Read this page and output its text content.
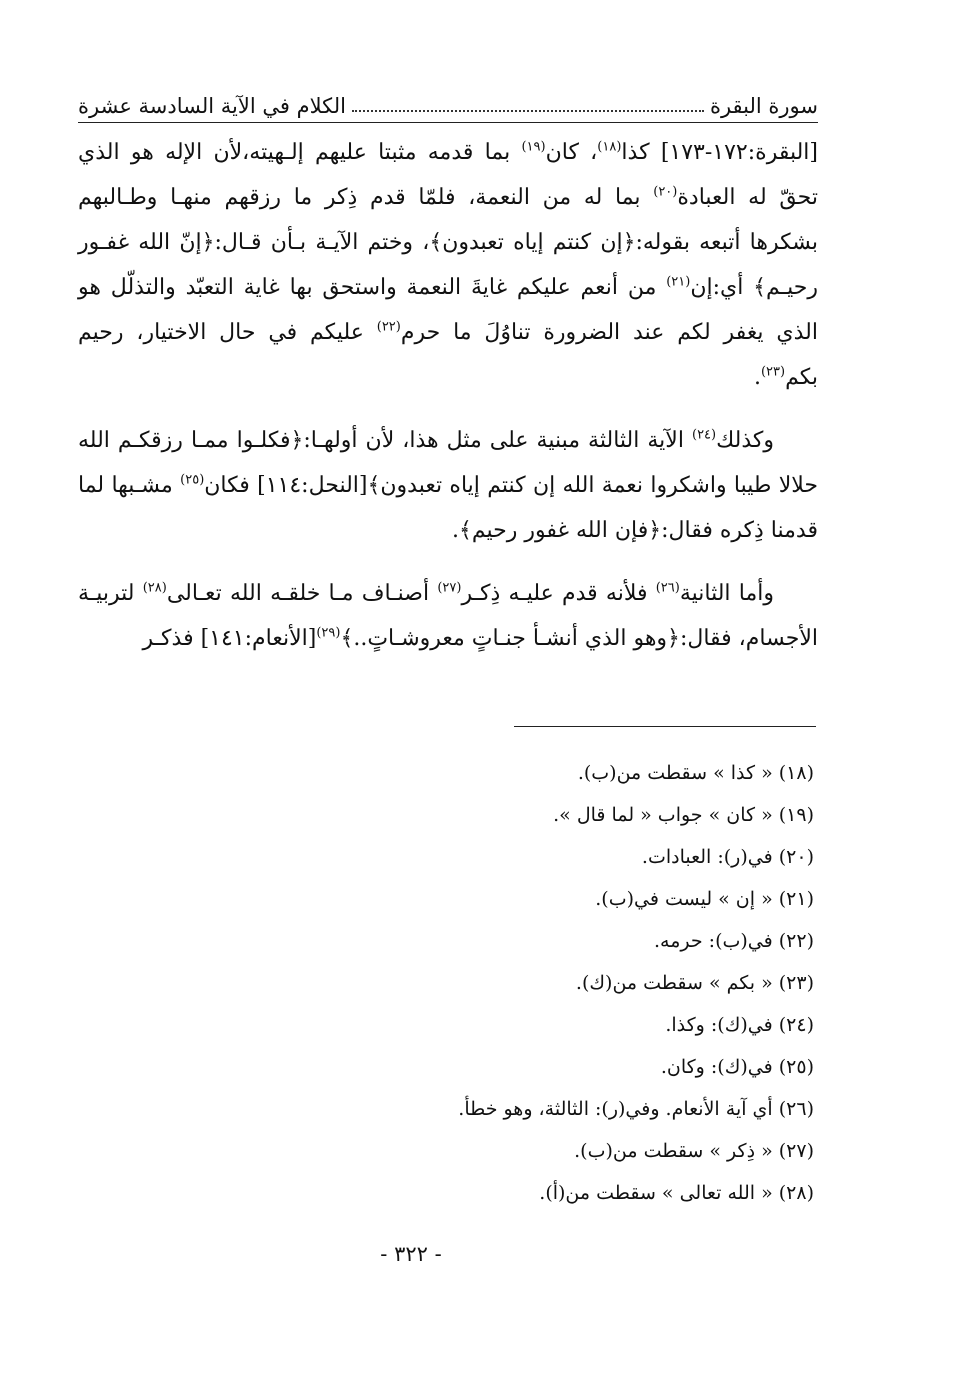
سورة البقرة
الكلام في الآية السادسة عشرة

[البقرة:١٧٢-١٧٣] كذا$^{(١٨)}$، كان$^{(١٩)}$ بما قدمه مثبتا عليهم إلـهيته،لأن الإله هو الذي تحقّ له العبادة$^{(٢٠)}$ بما له من النعمة، فلمّا قدم ذِكر ما رزقهم منهـا وطـالبهم بشكرها أتبعه بقوله:﴿إن كنتم إياه تعبدون﴾، وختم الآيـة بـأن قـال:﴿إنّ الله غفـور رحيـم﴾ أي:إن$^{(٢١)}$ من أنعم عليكم غايةَ النعمة واستحق بها غاية التعبّد والتذلّل هو الذي يغفر لكم عند الضرورة تناوُلَ ما حرم$^{(٢٢)}$ عليكم في حال الاختيار، رحيم بكم$^{(٢٣)}$.

وكذلك$^{(٢٤)}$ الآية الثالثة مبنية على مثل هذا، لأن أولهـا:﴿فكلـوا ممـا رزقكـم الله حلالا طيبا واشكروا نعمة الله إن كنتم إياه تعبدون﴾[النحل:١١٤] فكان$^{(٢٥)}$ مشـبها لما قدمنا ذِكره فقال:﴿فإن الله غفور رحيم﴾.

وأما الثانية$^{(٢٦)}$ فلأنه قدم عليـه ذِكـر$^{(٢٧)}$ أصنـاف مـا خلقـه الله تعـالى$^{(٢٨)}$ لتربيـة الأجسام، فقال:﴿وهو الذي أنشـأ جنـاتٍ معروشـاتٍ..﴾$^{(٢٩)}$[الأنعام:١٤١] فذكـر

(١٨) « كذا » سقطت من(ب).
(١٩) « كان » جواب « لما قال ».
(٢٠) في(ر): العبادات.
(٢١) « إن » ليست في(ب).
(٢٢) في(ب): حرمه.
(٢٣) « بكم » سقطت من(ك).
(٢٤) في(ك): وكذا.
(٢٥) في(ك): وكان.
(٢٦) أي آية الأنعام. وفي(ر): الثالثة، وهو خطأ.
(٢٧) « ذِكر » سقطت من(ب).
(٢٨) « الله تعالى » سقطت من(أ).
- ٣٢٢ -
